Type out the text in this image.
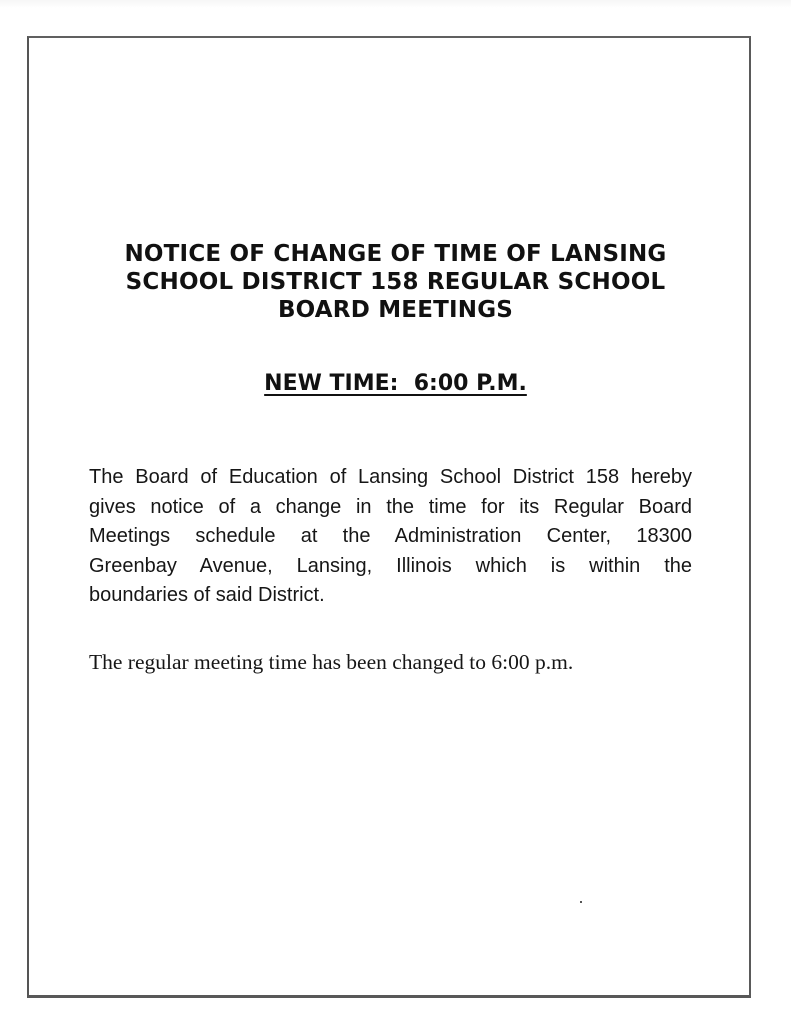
NOTICE OF CHANGE OF TIME OF LANSING
SCHOOL DISTRICT 158 REGULAR SCHOOL
BOARD MEETINGS
NEW TIME:  6:00 P.M.
The Board of Education of Lansing School District 158 hereby
gives notice of a change in the time for its Regular Board
Meetings schedule at the Administration Center, 18300
Greenbay Avenue, Lansing, Illinois which is within the
boundaries of said District.
The regular meeting time has been changed to 6:00 p.m.
